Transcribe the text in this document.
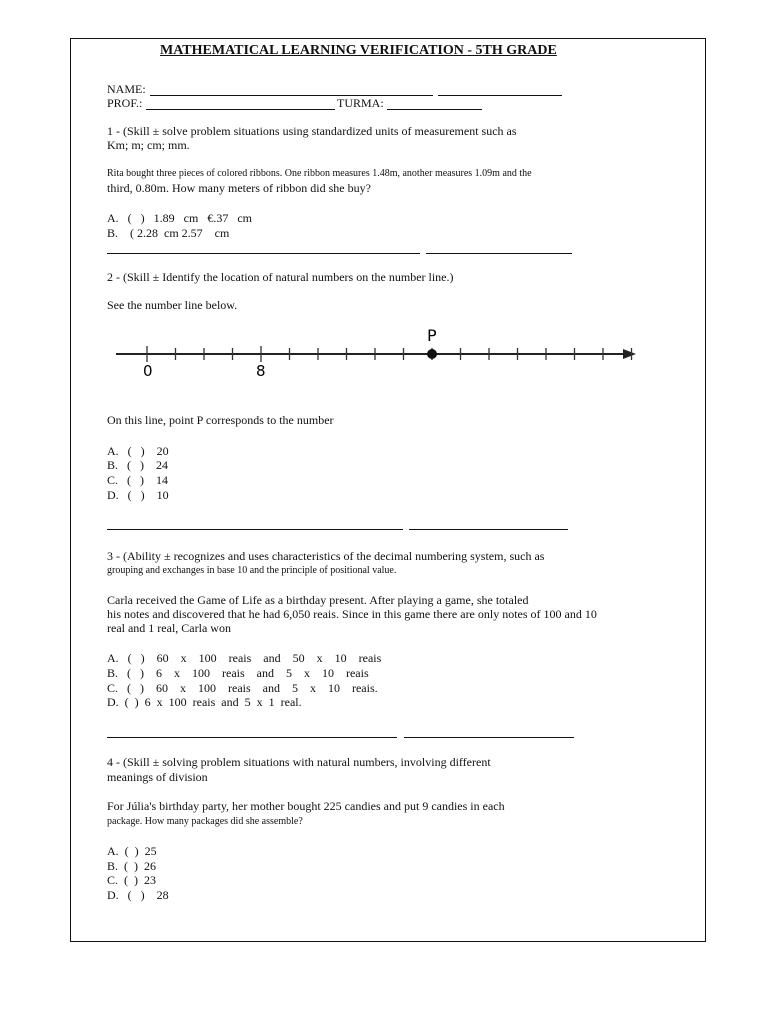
MATHEMATICAL LEARNING VERIFICATION - 5TH GRADE
NAME:
PROF.:	TURMA:
1 - (Skill ± solve problem situations using standardized units of measurement such as
Km; m; cm; mm.
Rita bought three pieces of colored ribbons. One ribbon measures 1.48m, another measures 1.09m and the
third, 0.80m. How many meters of ribbon did she buy?
A.   (   )   1.89   cm   €.37   cm
B.    ( 2.28  cm 2.57    cm
2 - (Skill ± Identify the location of natural numbers on the number line.)
See the number line below.
P
0	8
On this line, point P corresponds to the number
A.   (   )    20
B.   (   )    24
C.   (   )    14
D.   (   )    10
3 - (Ability ± recognizes and uses characteristics of the decimal numbering system, such as
grouping and exchanges in base 10 and the principle of positional value.
Carla received the Game of Life as a birthday present. After playing a game, she totaled
his notes and discovered that he had 6,050 reais. Since in this game there are only notes of 100 and 10
real and 1 real, Carla won
A.   (   )    60    x    100    reais    and    50    x    10    reais
B.   (   )    6    x    100    reais    and    5    x    10    reais
C.   (   )    60    x    100    reais    and    5    x    10    reais.
D.  (  )  6  x  100  reais  and  5  x  1  real.
4 - (Skill ± solving problem situations with natural numbers, involving different
meanings of division
For Júlia's birthday party, her mother bought 225 candies and put 9 candies in each
package. How many packages did she assemble?
A.  (  )  25
B.  (  )  26
C.  (  )  23
D.   (   )    28
